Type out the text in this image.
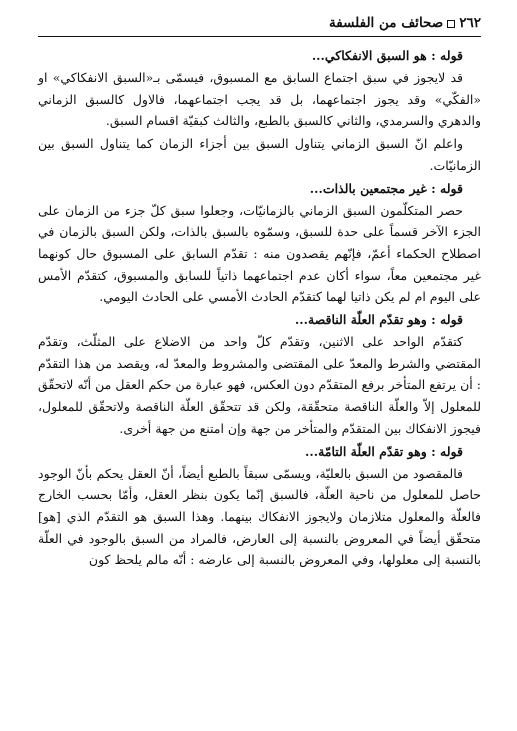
٢٦٢
صحائف من الفلسفة

قوله : هو السبق الانفكاكي...

قد لايجوز في سبق اجتماع السابق مع المسبوق، فيسمّى بـ«السبق الانفكاكي» او «الفكّي» وقد يجوز اجتماعهما، بل قد يجب اجتماعهما، فالاول كالسبق الزماني والدهري والسرمدي، والثاني كالسبق بالطبع، والثالث كبقيّة اقسام السبق.

واعلم انّ السبق الزماني يتناول السبق بين أجزاء الزمان كما يتناول السبق بين الزمانيّات.

قوله : غير مجتمعين بالذات...

حصر المتكلّمون السبق الزماني بالزمانيّات، وجعلوا سبق كلّ جزء من الزمان على الجزء الآخر قسماً على حدة للسبق، وسمّوه بالسبق بالذات، ولكن السبق بالزمان في اصطلاح الحكماء أعمّ، فإنّهم يقصدون منه : تقدّم السابق على المسبوق حال كونهما غير مجتمعين معاً، سواء أكان عدم اجتماعهما ذاتياً للسابق والمسبوق، كتقدّم الأمس على اليوم ام لم يكن ذاتيا لهما كتقدّم الحادث الأمسي على الحادث اليومي.

قوله : وهو تقدّم العلّة الناقصة...

كتقدّم الواحد على الاثنين، وتقدّم كلّ واحد من الاضلاع على المثلّث، وتقدّم المقتضي والشرط والمعدّ على المقتضى والمشروط والمعدّ له، ويقصد من هذا التقدّم : أن يرتفع المتأخر برفع المتقدّم دون العكس، فهو عبارة من حكم العقل من أنّه لاتحقّق للمعلول إلاّ والعلّة الناقصة متحقّقة، ولكن قد تتحقّق العلّة الناقصة ولاتحقّق للمعلول، فيجوز الانفكاك بين المتقدّم والمتأخر من جهة وإن امتنع من جهة أخرى.

قوله : وهو تقدّم العلّة التامّة...

فالمقصود من السبق بالعليّة، ويسمّى سبقاً بالطبع أيضاً، أنّ العقل يحكم بأنّ الوجود حاصل للمعلول من ناحية العلّة، فالسبق إنّما يكون بنظر العقل، وأمّا بحسب الخارج فالعلّة والمعلول متلازمان ولايجوز الانفكاك بينهما. وهذا السبق هو التقدّم الذي [هو] متحقّق أيضاً في المعروض بالنسبة إلى العارض، فالمراد من السبق بالوجود في العلّة بالنسبة إلى معلولها، وفي المعروض بالنسبة إلى عارضه : أنّه مالم يلحظ كون
